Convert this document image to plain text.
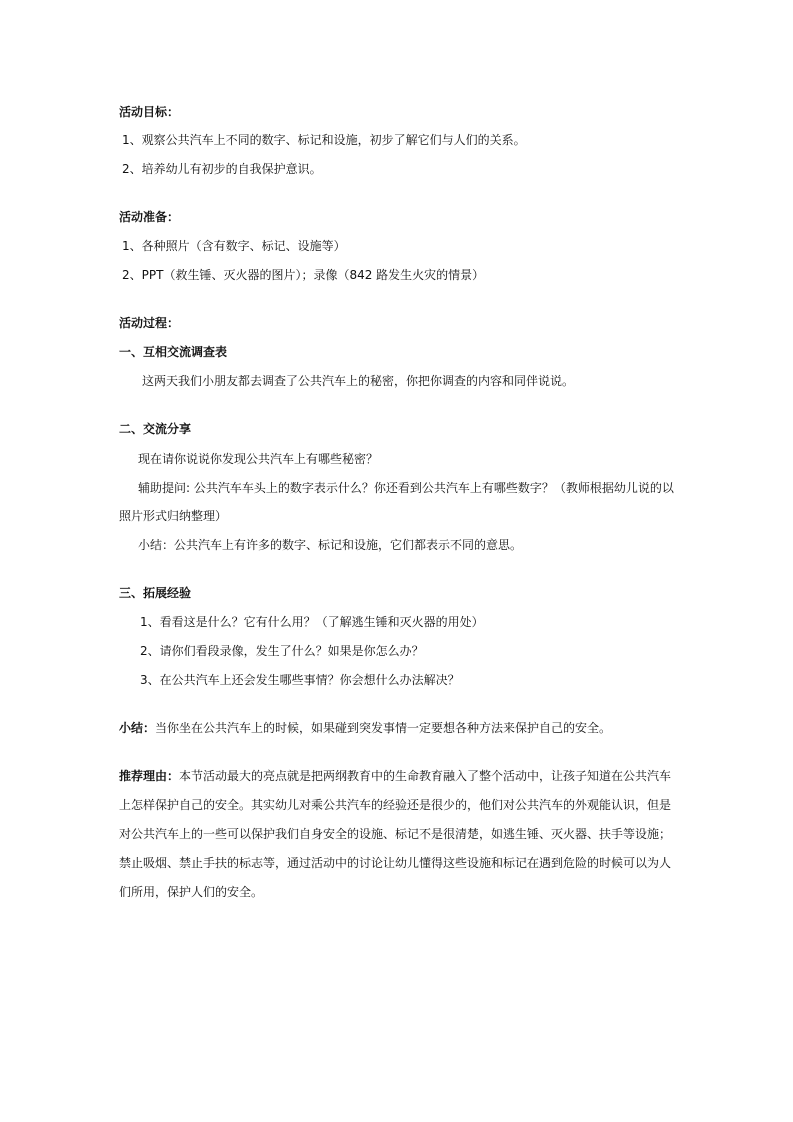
活动目标：
1、观察公共汽车上不同的数字、标记和设施，初步了解它们与人们的关系。
2、培养幼儿有初步的自我保护意识。
活动准备：
1、各种照片（含有数字、标记、设施等）
2、PPT（救生锤、灭火器的图片）；录像（842 路发生火灾的情景）
活动过程：
一、互相交流调查表
这两天我们小朋友都去调查了公共汽车上的秘密，你把你调查的内容和同伴说说。
二、交流分享
现在请你说说你发现公共汽车上有哪些秘密？
辅助提问: 公共汽车车头上的数字表示什么？你还看到公共汽车上有哪些数字？（教师根据幼儿说的以
照片形式归纳整理）
小结：公共汽车上有许多的数字、标记和设施，它们都表示不同的意思。
三、拓展经验
1、看看这是什么？它有什么用？（了解逃生锤和灭火器的用处）
2、请你们看段录像，发生了什么？如果是你怎么办？
3、在公共汽车上还会发生哪些事情？你会想什么办法解决？
小结：当你坐在公共汽车上的时候，如果碰到突发事情一定要想各种方法来保护自己的安全。
推荐理由：本节活动最大的亮点就是把两纲教育中的生命教育融入了整个活动中，让孩子知道在公共汽车
上怎样保护自己的安全。其实幼儿对乘公共汽车的经验还是很少的，他们对公共汽车的外观能认识，但是
对公共汽车上的一些可以保护我们自身安全的设施、标记不是很清楚，如逃生锤、灭火器、扶手等设施；
禁止吸烟、禁止手扶的标志等，通过活动中的讨论让幼儿懂得这些设施和标记在遇到危险的时候可以为人
们所用，保护人们的安全。
